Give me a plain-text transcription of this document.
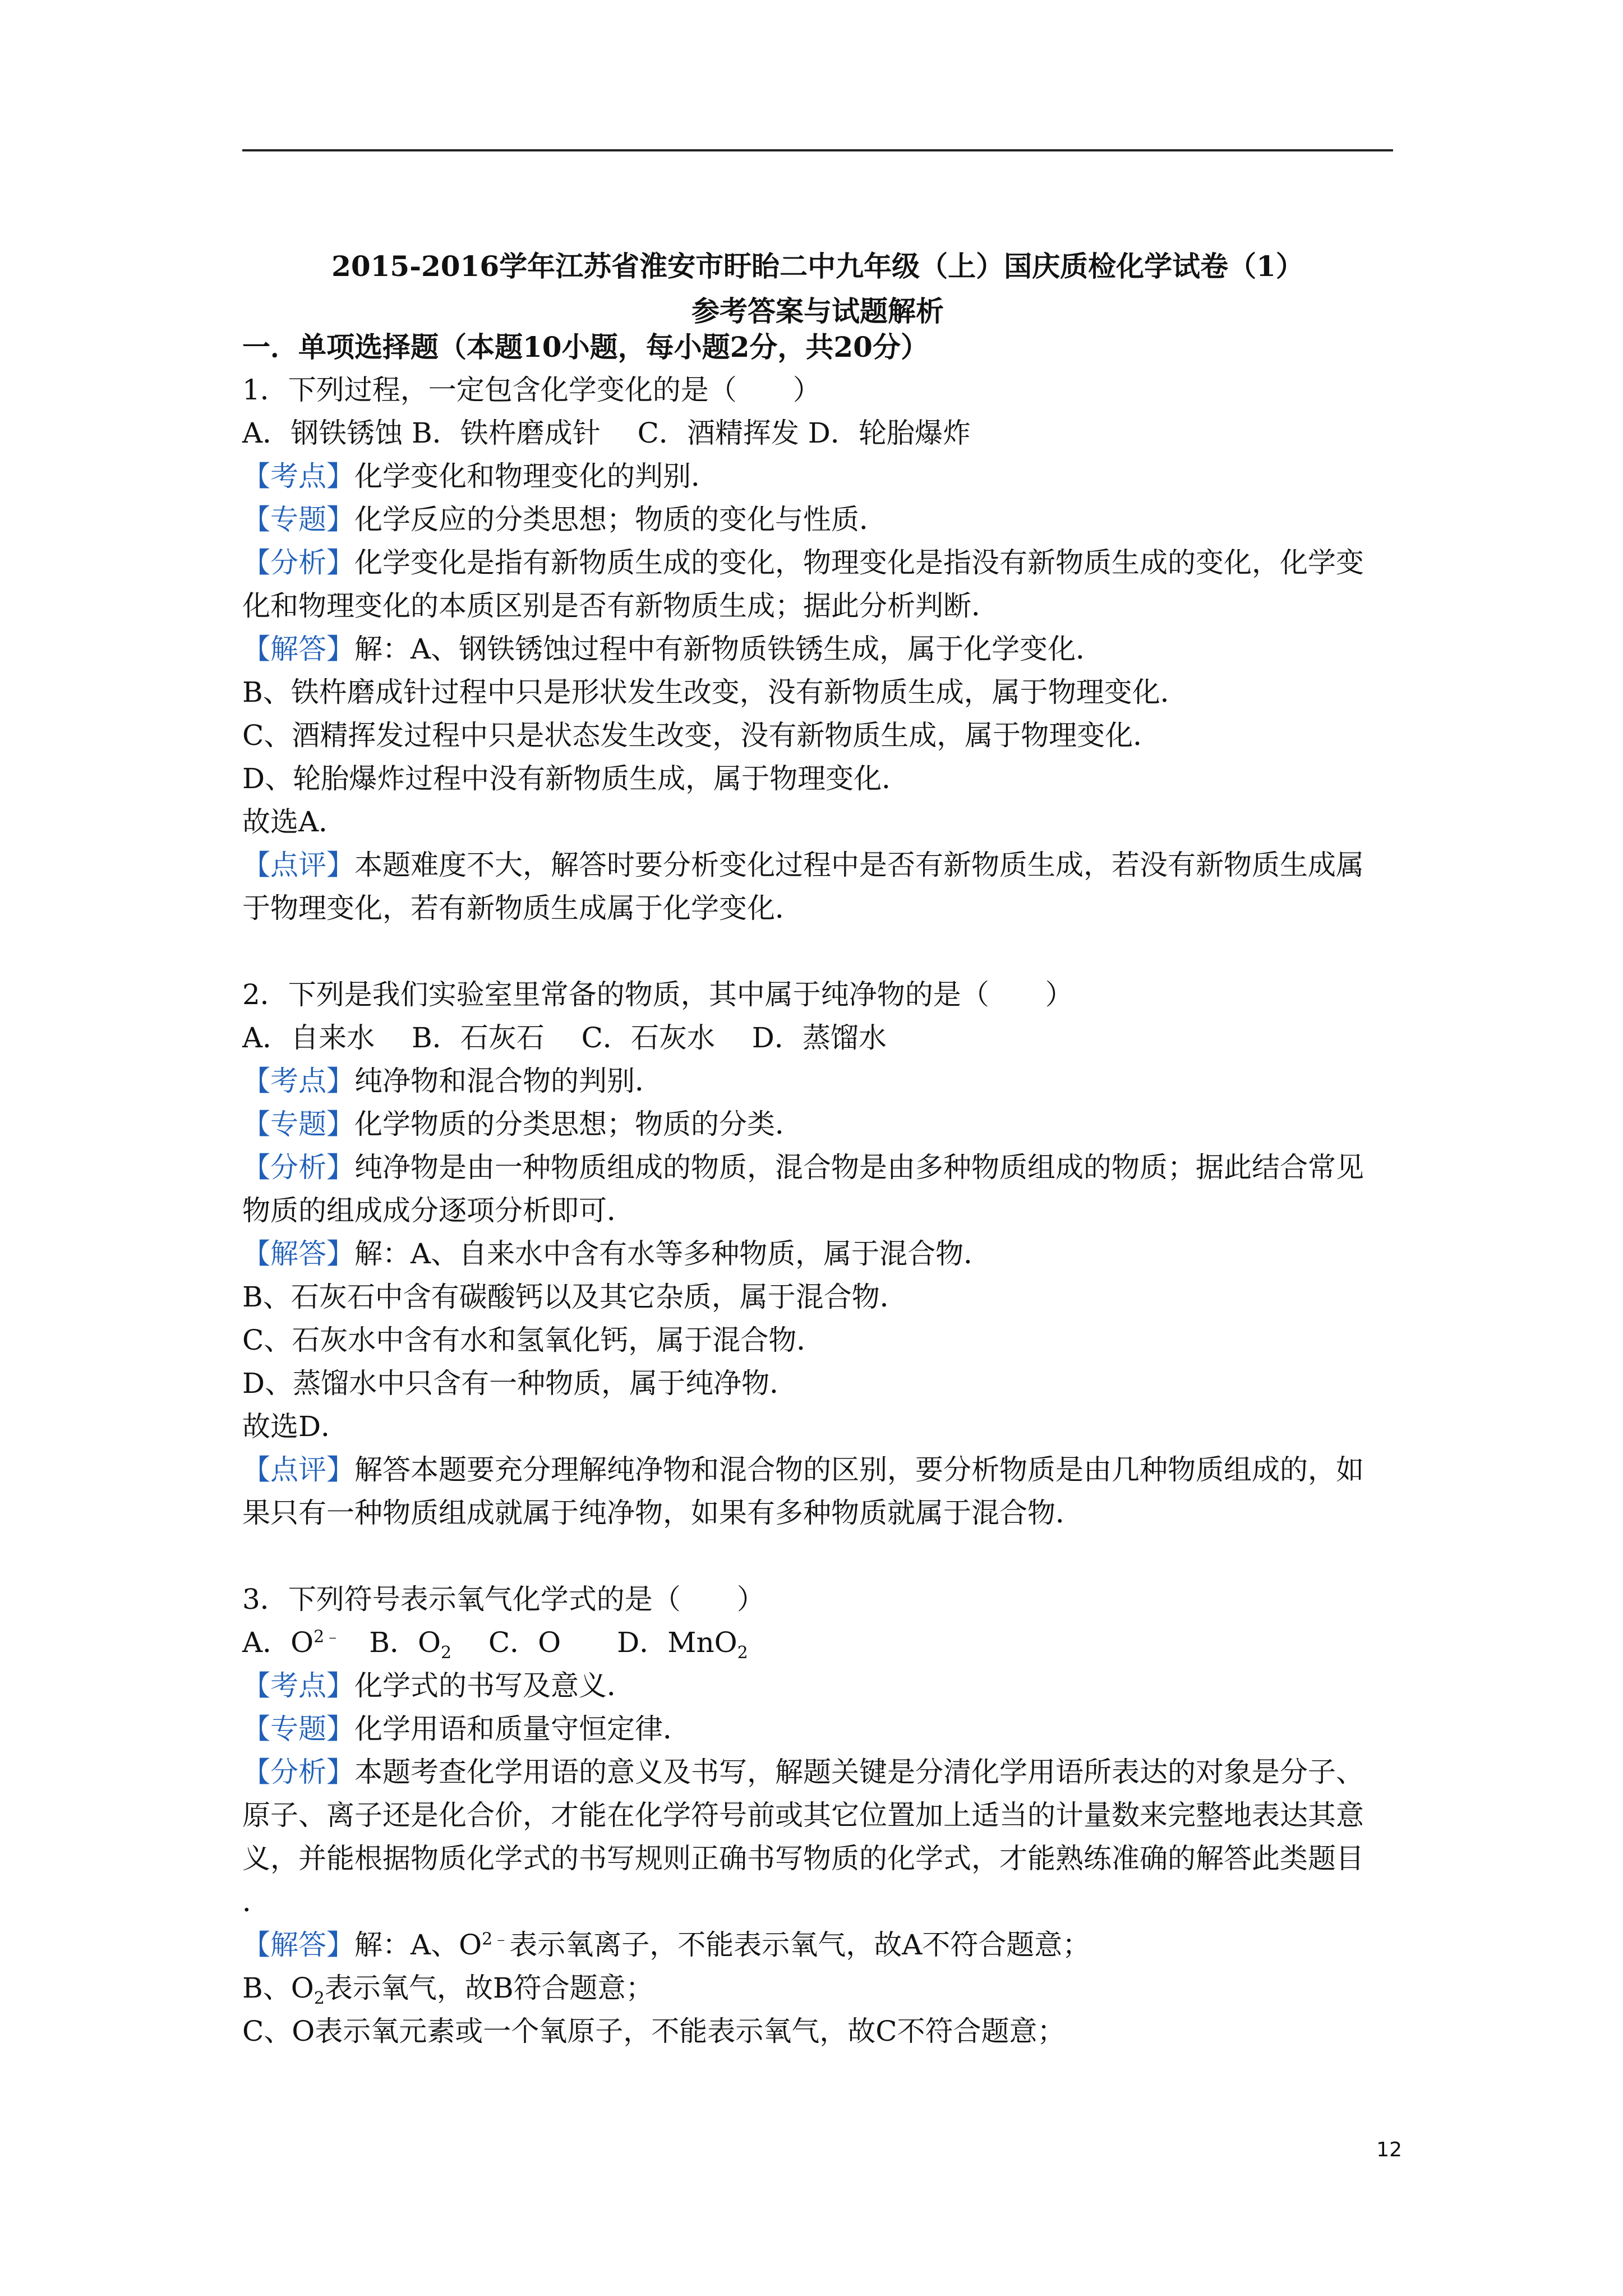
2015-2016学年江苏省淮安市盱眙二中九年级（上）国庆质检化学试卷（1）
参考答案与试题解析
一．单项选择题（本题10小题，每小题2分，共20分）
1．下列过程，一定包含化学变化的是（　　）
A．钢铁锈蚀 B．铁杵磨成针　 C．酒精挥发 D．轮胎爆炸
【考点】化学变化和物理变化的判别．
【专题】化学反应的分类思想；物质的变化与性质．
【分析】化学变化是指有新物质生成的变化，物理变化是指没有新物质生成的变化，化学变
化和物理变化的本质区别是否有新物质生成；据此分析判断．
【解答】解：A、钢铁锈蚀过程中有新物质铁锈生成，属于化学变化．
B、铁杵磨成针过程中只是形状发生改变，没有新物质生成，属于物理变化．
C、酒精挥发过程中只是状态发生改变，没有新物质生成，属于物理变化．
D、轮胎爆炸过程中没有新物质生成，属于物理变化．
故选A．
【点评】本题难度不大，解答时要分析变化过程中是否有新物质生成，若没有新物质生成属
于物理变化，若有新物质生成属于化学变化．
2．下列是我们实验室里常备的物质，其中属于纯净物的是（　　）
A．自来水　 B．石灰石　 C．石灰水　 D．蒸馏水
【考点】纯净物和混合物的判别．
【专题】化学物质的分类思想；物质的分类．
【分析】纯净物是由一种物质组成的物质，混合物是由多种物质组成的物质；据此结合常见
物质的组成成分逐项分析即可．
【解答】解：A、自来水中含有水等多种物质，属于混合物．
B、石灰石中含有碳酸钙以及其它杂质，属于混合物．
C、石灰水中含有水和氢氧化钙，属于混合物．
D、蒸馏水中只含有一种物质，属于纯净物．
故选D．
【点评】解答本题要充分理解纯净物和混合物的区别，要分析物质是由几种物质组成的，如
果只有一种物质组成就属于纯净物，如果有多种物质就属于混合物．
3．下列符号表示氧气化学式的是（　　）
A．$O^{2﹣}$　B．$O_2$　 C．O　　D．MnO$_2$
【考点】化学式的书写及意义．
【专题】化学用语和质量守恒定律．
【分析】本题考查化学用语的意义及书写，解题关键是分清化学用语所表达的对象是分子、
原子、离子还是化合价，才能在化学符号前或其它位置加上适当的计量数来完整地表达其意
义，并能根据物质化学式的书写规则正确书写物质的化学式，才能熟练准确的解答此类题目
．
【解答】解：A、$O^{2﹣}$表示氧离子，不能表示氧气，故A不符合题意；
B、$O_2$表示氧气，故B符合题意；
C、O表示氧元素或一个氧原子，不能表示氧气，故C不符合题意；
12
